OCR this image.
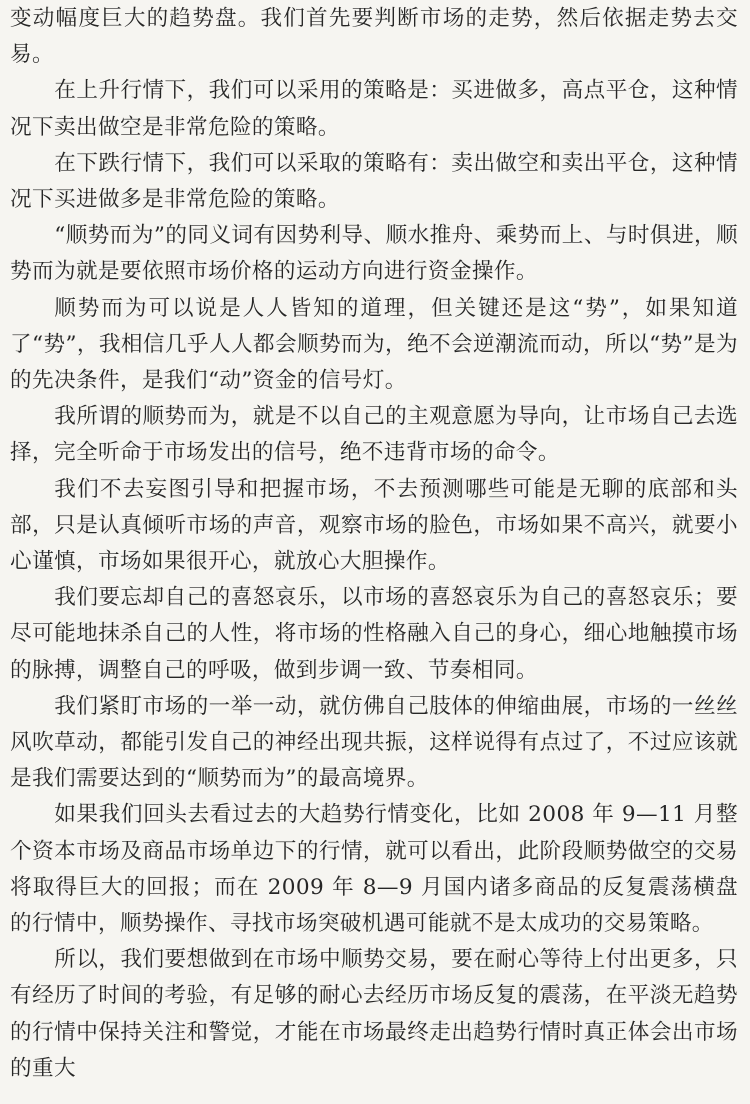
变动幅度巨大的趋势盘。我们首先要判断市场的走势，然后依据走势去交易。

在上升行情下，我们可以采用的策略是：买进做多，高点平仓，这种情况下卖出做空是非常危险的策略。

在下跌行情下，我们可以采取的策略有：卖出做空和卖出平仓，这种情况下买进做多是非常危险的策略。

“顺势而为”的同义词有因势利导、顺水推舟、乘势而上、与时俱进，顺势而为就是要依照市场价格的运动方向进行资金操作。

顺势而为可以说是人人皆知的道理，但关键还是这“势”，如果知道了“势”，我相信几乎人人都会顺势而为，绝不会逆潮流而动，所以“势”是为的先决条件，是我们“动”资金的信号灯。

我所谓的顺势而为，就是不以自己的主观意愿为导向，让市场自己去选择，完全听命于市场发出的信号，绝不违背市场的命令。

我们不去妄图引导和把握市场，不去预测哪些可能是无聊的底部和头部，只是认真倾听市场的声音，观察市场的脸色，市场如果不高兴，就要小心谨慎，市场如果很开心，就放心大胆操作。

我们要忘却自己的喜怒哀乐，以市场的喜怒哀乐为自己的喜怒哀乐；要尽可能地抹杀自己的人性，将市场的性格融入自己的身心，细心地触摸市场的脉搏，调整自己的呼吸，做到步调一致、节奏相同。

我们紧盯市场的一举一动，就仿佛自己肢体的伸缩曲展，市场的一丝丝风吹草动，都能引发自己的神经出现共振，这样说得有点过了，不过应该就是我们需要达到的“顺势而为”的最高境界。

如果我们回头去看过去的大趋势行情变化，比如 2008 年 9—11 月整个资本市场及商品市场单边下的行情，就可以看出，此阶段顺势做空的交易将取得巨大的回报；而在 2009 年 8—9 月国内诸多商品的反复震荡横盘的行情中，顺势操作、寻找市场突破机遇可能就不是太成功的交易策略。

所以，我们要想做到在市场中顺势交易，要在耐心等待上付出更多，只有经历了时间的考验，有足够的耐心去经历市场反复的震荡，在平淡无趋势的行情中保持关注和警觉，才能在市场最终走出趋势行情时真正体会出市场的重大
